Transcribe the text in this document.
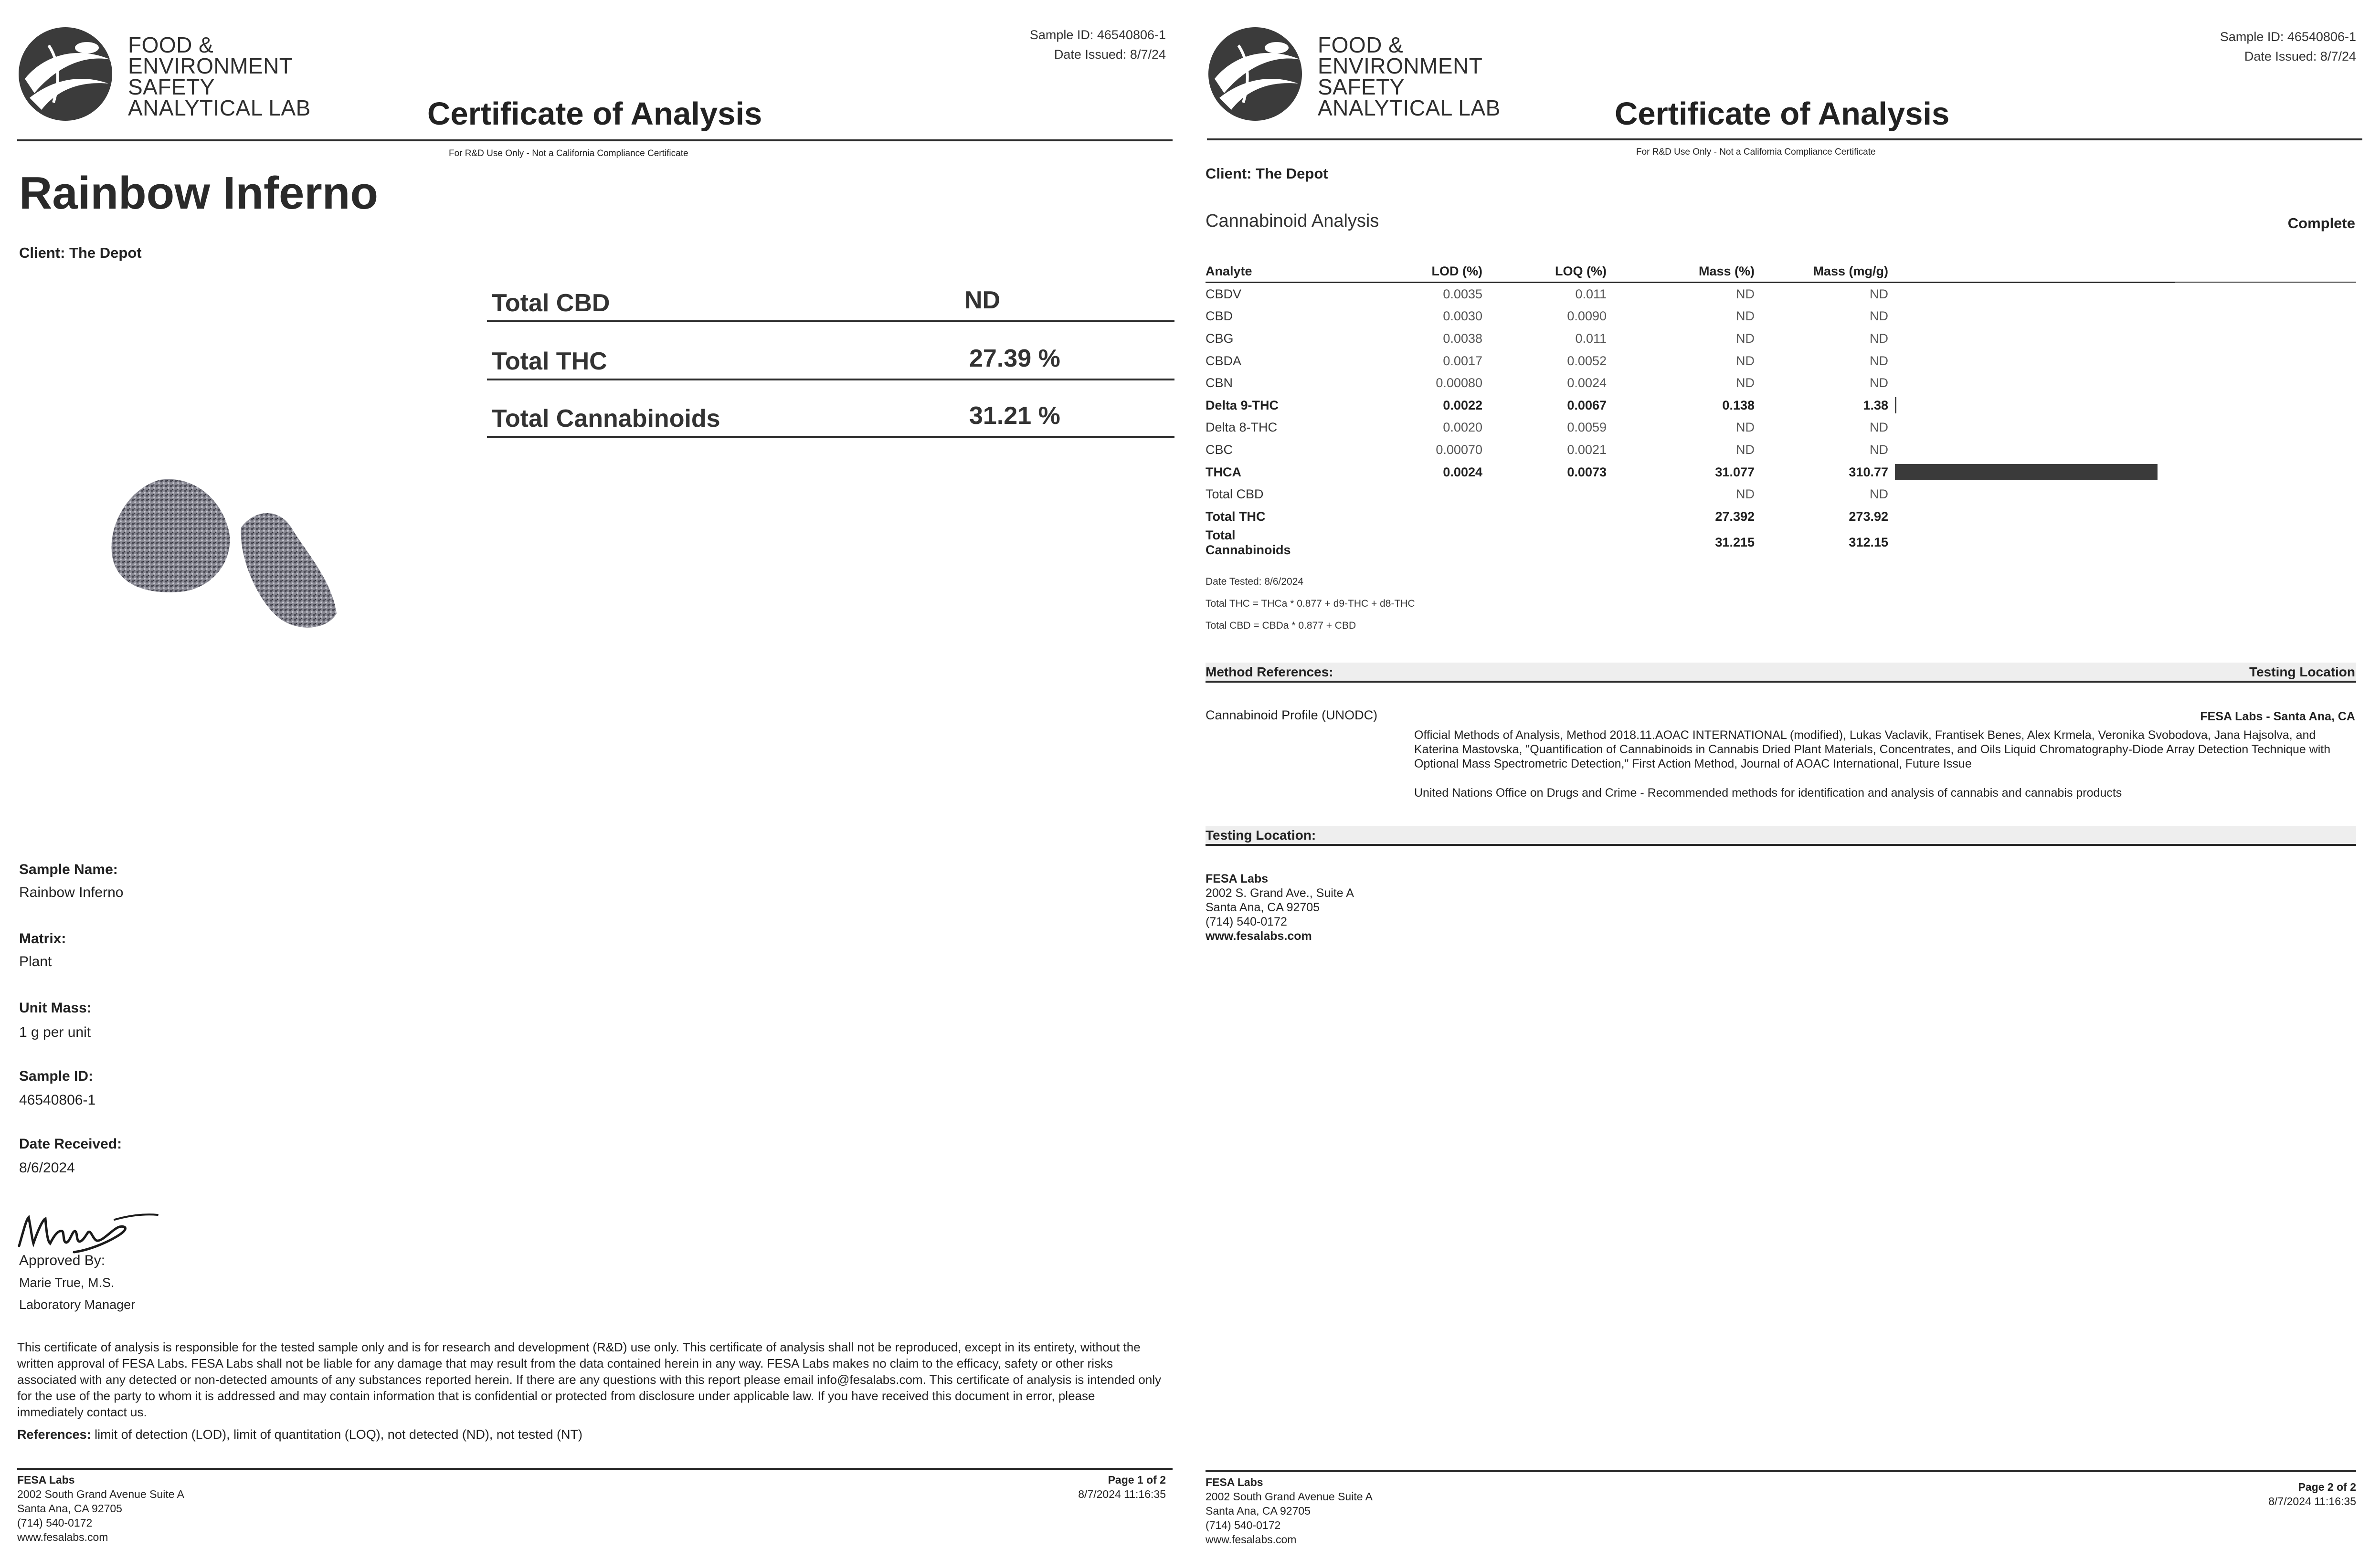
FOOD &
ENVIRONMENT
SAFETY
ANALYTICAL LAB	Certificate of Analysis
Sample ID: 46540806-1
Date Issued: 8/7/24
For R&D Use Only - Not a California Compliance Certificate
Rainbow Inferno
Client: The Depot
Total CBD	ND
Total THC	27.39 %
Total Cannabinoids	31.21 %
Sample Name:
Rainbow Inferno
Matrix:
Plant
Unit Mass:
1 g per unit
Sample ID:
46540806-1
Date Received:
8/6/2024
Approved By:
Marie True, M.S.
Laboratory Manager
This certificate of analysis is responsible for the tested sample only and is for research and development (R&D) use only. This certificate of analysis shall not be reproduced, except in its entirety, without the written approval of FESA Labs. FESA Labs shall not be liable for any damage that may result from the data contained herein in any way. FESA Labs makes no claim to the efficacy, safety or other risks associated with any detected or non-detected amounts of any substances reported herein. If there are any questions with this report please email info@fesalabs.com. This certificate of analysis is intended only for the use of the party to whom it is addressed and may contain information that is confidential or protected from disclosure under applicable law. If you have received this document in error, please immediately contact us.
References: limit of detection (LOD), limit of quantitation (LOQ), not detected (ND), not tested (NT)
FESA Labs
2002 South Grand Avenue Suite A
Santa Ana, CA 92705
(714) 540-0172
www.fesalabs.com
Page 1 of 2
8/7/2024 11:16:35
FOOD &
ENVIRONMENT
SAFETY
ANALYTICAL LAB	Certificate of Analysis
Sample ID: 46540806-1
Date Issued: 8/7/24
For R&D Use Only - Not a California Compliance Certificate
Client: The Depot
Cannabinoid Analysis	Complete
Analyte	LOD (%)	LOQ (%)	Mass (%)	Mass (mg/g)	
CBDV	0.0035	0.011	ND	ND	
CBD	0.0030	0.0090	ND	ND	
CBG	0.0038	0.011	ND	ND	
CBDA	0.0017	0.0052	ND	ND	
CBN	0.00080	0.0024	ND	ND	
Delta 9-THC	0.0022	0.0067	0.138	1.38	
Delta 8-THC	0.0020	0.0059	ND	ND	
CBC	0.00070	0.0021	ND	ND	
THCA	0.0024	0.0073	31.077	310.77	
Total CBD			ND	ND	
Total THC			27.392	273.92	
Total Cannabinoids			31.215	312.15	
Date Tested: 8/6/2024
Total THC = THCa * 0.877 + d9-THC + d8-THC
Total CBD = CBDa * 0.877 + CBD
Method References:	Testing Location
Cannabinoid Profile (UNODC)	FESA Labs - Santa Ana, CA
Official Methods of Analysis, Method 2018.11.AOAC INTERNATIONAL (modified), Lukas Vaclavik, Frantisek Benes, Alex Krmela, Veronika Svobodova, Jana Hajsolva, and Katerina Mastovska, "Quantification of Cannabinoids in Cannabis Dried Plant Materials, Concentrates, and Oils Liquid Chromatography-Diode Array Detection Technique with Optional Mass Spectrometric Detection," First Action Method, Journal of AOAC International, Future Issue
United Nations Office on Drugs and Crime - Recommended methods for identification and analysis of cannabis and cannabis products
Testing Location:
FESA Labs
2002 S. Grand Ave., Suite A
Santa Ana, CA 92705
(714) 540-0172
www.fesalabs.com
FESA Labs
2002 South Grand Avenue Suite A
Santa Ana, CA 92705
(714) 540-0172
www.fesalabs.com
Page 2 of 2
8/7/2024 11:16:35
